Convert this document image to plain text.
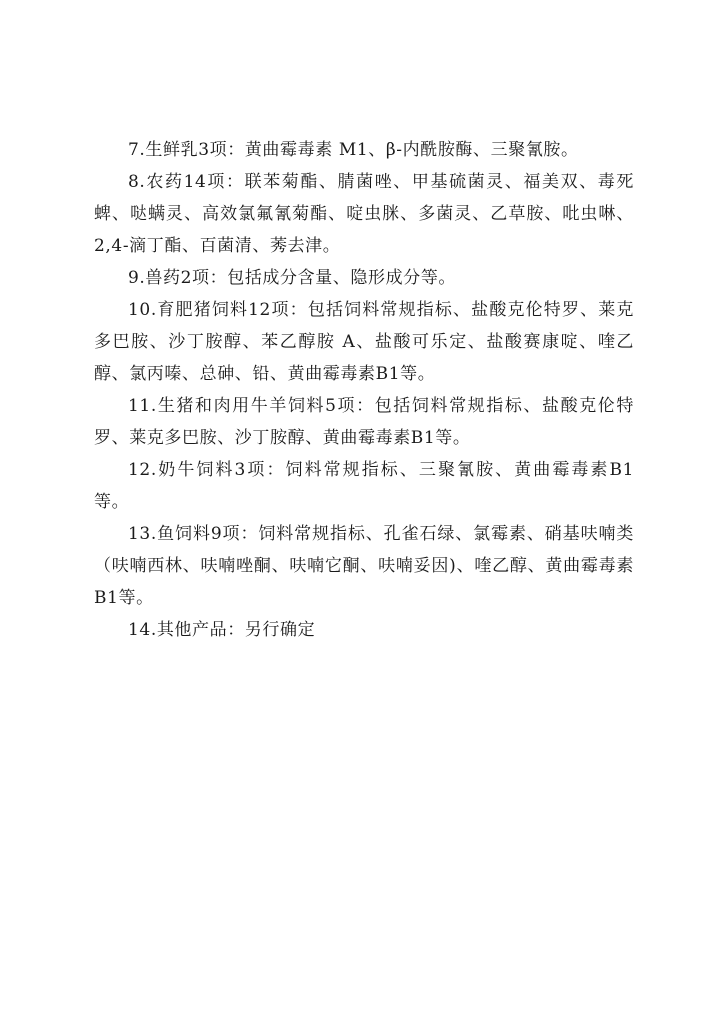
7.生鲜乳3项：黄曲霉毒素 M1、β-内酰胺酶、三聚氰胺。

8.农药14项：联苯菊酯、腈菌唑、甲基硫菌灵、福美双、毒死蜱、哒螨灵、高效氯氟氰菊酯、啶虫脒、多菌灵、乙草胺、吡虫啉、2,4-滴丁酯、百菌清、莠去津。

9.兽药2项：包括成分含量、隐形成分等。

10.育肥猪饲料12项：包括饲料常规指标、盐酸克伦特罗、莱克多巴胺、沙丁胺醇、苯乙醇胺 A、盐酸可乐定、盐酸赛康啶、喹乙醇、氯丙嗪、总砷、铅、黄曲霉毒素B1等。

11.生猪和肉用牛羊饲料5项：包括饲料常规指标、盐酸克伦特罗、莱克多巴胺、沙丁胺醇、黄曲霉毒素B1等。

12.奶牛饲料3项：饲料常规指标、三聚氰胺、黄曲霉毒素B1 等。

13.鱼饲料9项：饲料常规指标、孔雀石绿、氯霉素、硝基呋喃类（呋喃西林、呋喃唑酮、呋喃它酮、呋喃妥因)、喹乙醇、黄曲霉毒素B1等。

14.其他产品：另行确定
